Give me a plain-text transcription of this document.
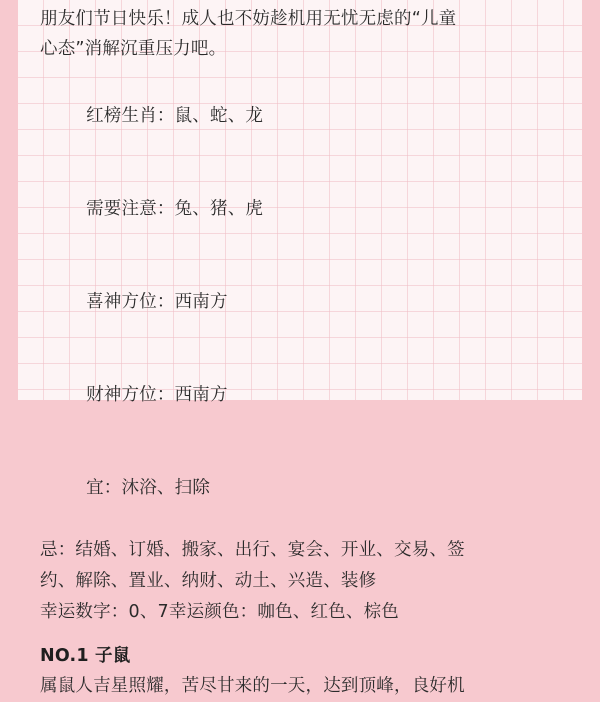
朋友们节日快乐！成人也不妨趁机用无忧无虑的“儿童
心态”消解沉重压力吧。

红榜生肖：鼠、蛇、龙

需要注意：兔、猪、虎

喜神方位：西南方

财神方位：西南方

宜：沐浴、扫除

忌：结婚、订婚、搬家、出行、宴会、开业、交易、签
约、解除、置业、纳财、动土、兴造、装修
幸运数字：0、7幸运颜色：咖色、红色、棕色
NO.1 子鼠
属鼠人吉星照耀，苦尽甘来的一天，达到顶峰，良好机
